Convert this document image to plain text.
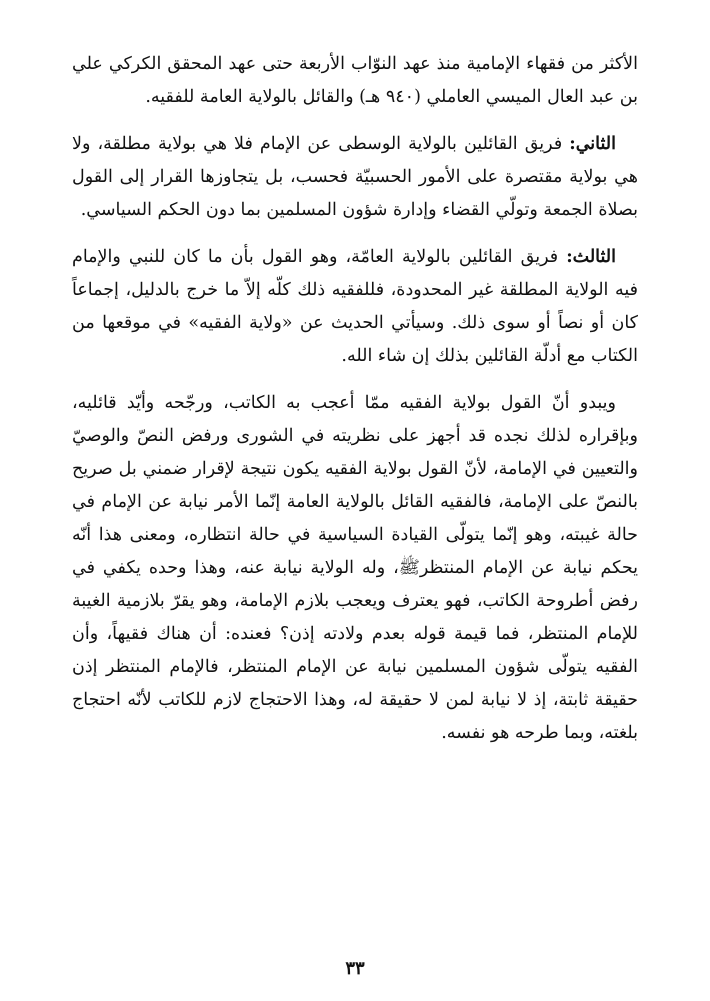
الأكثر من فقهاء الإمامية منذ عهد النوّاب الأربعة حتى عهد المحقق الكركي علي بن عبد العال الميسي العاملي (٩٤٠ هـ) والقائل بالولاية العامة للفقيه.

الثاني: فريق القائلين بالولاية الوسطى عن الإمام فلا هي بولاية مطلقة، ولا هي بولاية مقتصرة على الأمور الحسبيّة فحسب، بل يتجاوزها القرار إلى القول بصلاة الجمعة وتولّي القضاء وإدارة شؤون المسلمين بما دون الحكم السياسي.

الثالث: فريق القائلين بالولاية العامّة، وهو القول بأن ما كان للنبي والإمام فيه الولاية المطلقة غير المحدودة، فللفقيه ذلك كلّه إلاّ ما خرج بالدليل، إجماعاً كان أو نصاً أو سوى ذلك. وسيأتي الحديث عن «ولاية الفقيه» في موقعها من الكتاب مع أدلّة القائلين بذلك إن شاء الله.

ويبدو أنّ القول بولاية الفقيه ممّا أعجب به الكاتب، ورجّحه وأيّد قائليه، وبإقراره لذلك نجده قد أجهز على نظريته في الشورى ورفض النصّ والوصيّ والتعيين في الإمامة، لأنّ القول بولاية الفقيه يكون نتيجة لإقرار ضمني بل صريح بالنصّ على الإمامة، فالفقيه القائل بالولاية العامة إنّما الأمر نيابة عن الإمام في حالة غيبته، وهو إنّما يتولّى القيادة السياسية في حالة انتظاره، ومعنى هذا أنّه يحكم نيابة عن الإمام المنتظرﷺ، وله الولاية نيابة عنه، وهذا وحده يكفي في رفض أطروحة الكاتب، فهو يعترف ويعجب بلازم الإمامة، وهو يقرّ بلازمية الغيبة للإمام المنتظر، فما قيمة قوله بعدم ولادته إذن؟ فعنده: أن هناك فقيهاً، وأن الفقيه يتولّى شؤون المسلمين نيابة عن الإمام المنتظر، فالإمام المنتظر إذن حقيقة ثابتة، إذ لا نيابة لمن لا حقيقة له، وهذا الاحتجاج لازم للكاتب لأنّه احتجاج بلغته، وبما طرحه هو نفسه.

٣٣
